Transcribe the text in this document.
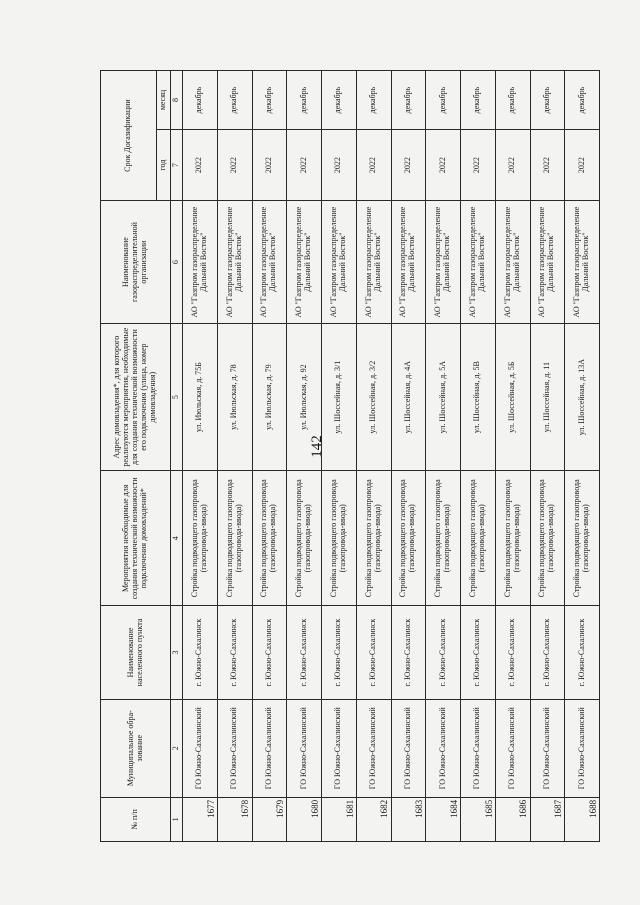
142
№ п/п	Муниципальное обра-зование	Наименование населенного пункта	Мероприятия необходимые для создания технической возможности подключения домовладений*	Адрес домовладения*, для которого реализуются мероприятия, необходимые для создания технической возможности его подключения (улица, номер домовладения)	Наименование газораспределительной организации	Срок Догазификации	
						год	месяц
1	2	3	4	5	6	7	8
1677	ГО Южно-Сахалинский	г. Южно-Сахалинск	Стройка подводящего газопровода (газопровода-ввода)	ул. Июльская, д. 75Б	АО "Газпром газораспределение Дальний Восток"	2022	декабрь
1678	ГО Южно-Сахалинский	г. Южно-Сахалинск	Стройка подводящего газопровода (газопровода-ввода)	ул. Июльская, д. 78	АО "Газпром газораспределение Дальний Восток"	2022	декабрь
1679	ГО Южно-Сахалинский	г. Южно-Сахалинск	Стройка подводящего газопровода (газопровода-ввода)	ул. Июльская, д. 79	АО "Газпром газораспределение Дальний Восток"	2022	декабрь
1680	ГО Южно-Сахалинский	г. Южно-Сахалинск	Стройка подводящего газопровода (газопровода-ввода)	ул. Июльская, д. 92	АО "Газпром газораспределение Дальний Восток"	2022	декабрь
1681	ГО Южно-Сахалинский	г. Южно-Сахалинск	Стройка подводящего газопровода (газопровода-ввода)	ул. Шоссейная, д. 3/1	АО "Газпром газораспределение Дальний Восток"	2022	декабрь
1682	ГО Южно-Сахалинский	г. Южно-Сахалинск	Стройка подводящего газопровода (газопровода-ввода)	ул. Шоссейная, д. 3/2	АО "Газпром газораспределение Дальний Восток"	2022	декабрь
1683	ГО Южно-Сахалинский	г. Южно-Сахалинск	Стройка подводящего газопровода (газопровода-ввода)	ул. Шоссейная, д. 4А	АО "Газпром газораспределение Дальний Восток"	2022	декабрь
1684	ГО Южно-Сахалинский	г. Южно-Сахалинск	Стройка подводящего газопровода (газопровода-ввода)	ул. Шоссейная, д. 5А	АО "Газпром газораспределение Дальний Восток"	2022	декабрь
1685	ГО Южно-Сахалинский	г. Южно-Сахалинск	Стройка подводящего газопровода (газопровода-ввода)	ул. Шоссейная, д. 5В	АО "Газпром газораспределение Дальний Восток"	2022	декабрь
1686	ГО Южно-Сахалинский	г. Южно-Сахалинск	Стройка подводящего газопровода (газопровода-ввода)	ул. Шоссейная, д. 5Б	АО "Газпром газораспределение Дальний Восток"	2022	декабрь
1687	ГО Южно-Сахалинский	г. Южно-Сахалинск	Стройка подводящего газопровода (газопровода-ввода)	ул. Шоссейная, д. 11	АО "Газпром газораспределение Дальний Восток"	2022	декабрь
1688	ГО Южно-Сахалинский	г. Южно-Сахалинск	Стройка подводящего газопровода (газопровода-ввода)	ул. Шоссейная, д. 13А	АО "Газпром газораспределение Дальний Восток"	2022	декабрь
